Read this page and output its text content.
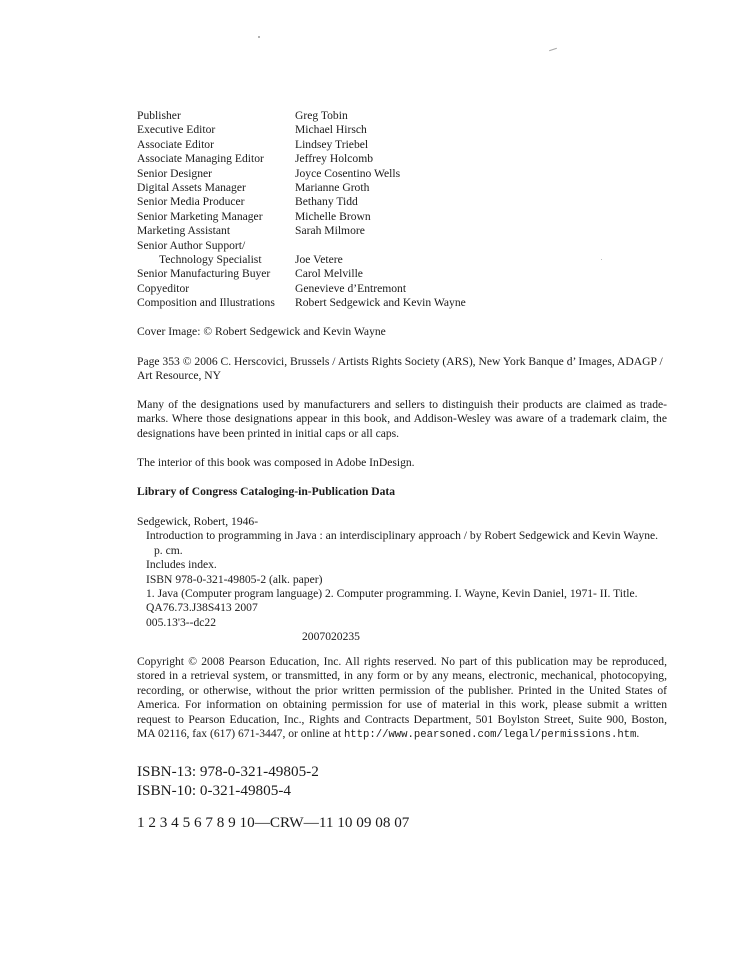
Publisher	Greg Tobin
Executive Editor	Michael Hirsch
Associate Editor	Lindsey Triebel
Associate Managing Editor	Jeffrey Holcomb
Senior Designer	Joyce Cosentino Wells
Digital Assets Manager	Marianne Groth
Senior Media Producer	Bethany Tidd
Senior Marketing Manager	Michelle Brown
Marketing Assistant	Sarah Milmore
Senior Author Support/
Technology Specialist	Joe Vetere
Senior Manufacturing Buyer	Carol Melville
Copyeditor	Genevieve d’Entremont
Composition and Illustrations	Robert Sedgewick and Kevin Wayne

Cover Image: © Robert Sedgewick and Kevin Wayne

Page 353 © 2006 C. Herscovici, Brussels / Artists Rights Society (ARS), New York Banque d’ Images, ADAGP / Art Resource, NY

Many of the designations used by manufacturers and sellers to distinguish their products are claimed as trade-marks. Where those designations appear in this book, and Addison-Wesley was aware of a trademark claim, the designations have been printed in initial caps or all caps.

The interior of this book was composed in Adobe InDesign.

Library of Congress Cataloging-in-Publication Data

Sedgewick, Robert, 1946-
Introduction to programming in Java : an interdisciplinary approach / by Robert Sedgewick and Kevin Wayne.
p. cm.
Includes index.
ISBN 978-0-321-49805-2 (alk. paper)
1. Java (Computer program language) 2. Computer programming. I. Wayne, Kevin Daniel, 1971- II. Title.
QA76.73.J38S413 2007
005.13'3--dc22
2007020235

Copyright © 2008 Pearson Education, Inc. All rights reserved. No part of this publication may be reproduced, stored in a retrieval system, or transmitted, in any form or by any means, electronic, mechanical, photocopying, recording, or otherwise, without the prior written permission of the publisher. Printed in the United States of America. For information on obtaining permission for use of material in this work, please submit a written request to Pearson Education, Inc., Rights and Contracts Department, 501 Boylston Street, Suite 900, Boston, MA 02116, fax (617) 671-3447, or online at http://www.pearsoned.com/legal/permissions.htm.

ISBN-13: 978-0-321-49805-2
ISBN-10: 0-321-49805-4
1 2 3 4 5 6 7 8 9 10—CRW—11 10 09 08 07
